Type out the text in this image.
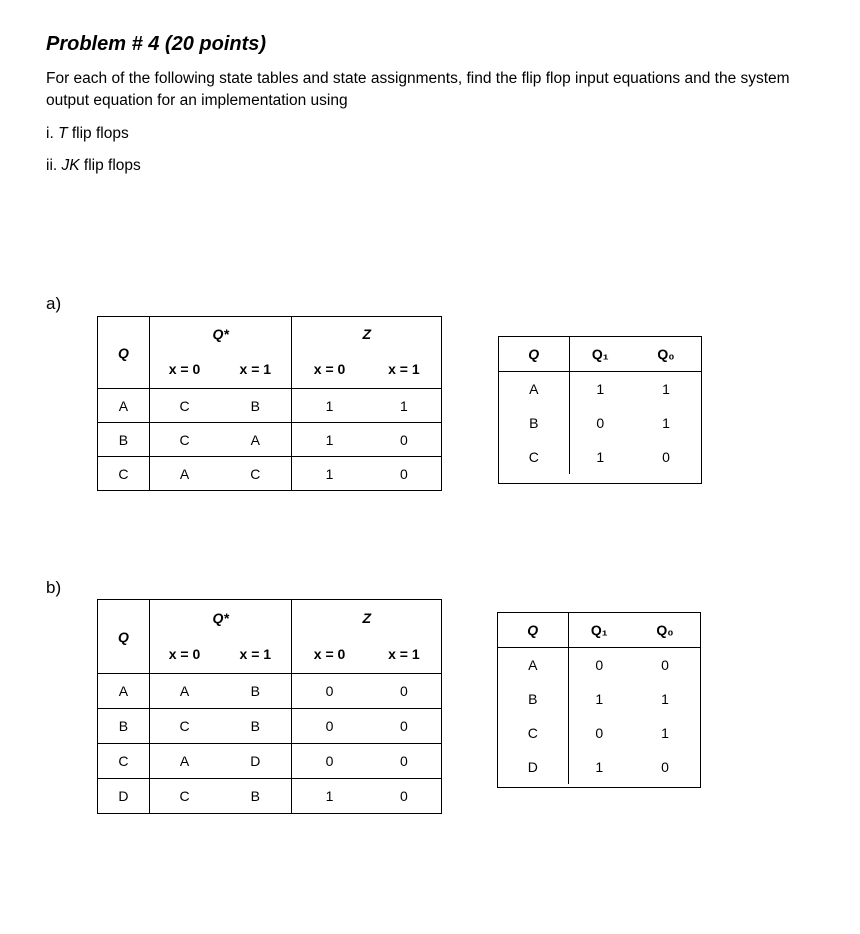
Problem # 4 (20 points)
For each of the following state tables and state assignments, find the flip flop input equations and the system output equation for an implementation using
i. T flip flops
ii. JK flip flops
a)
Q	Q*		Z	
	x = 0	x = 1	x = 0	x = 1
A	C	B	1	1
B	C	A	1	0
C	A	C	1	0
Q	Q₁	Q₀
A	1	1
B	0	1
C	1	0
b)
Q	Q*		Z	
	x = 0	x = 1	x = 0	x = 1
A	A	B	0	0
B	C	B	0	0
C	A	D	0	0
D	C	B	1	0
Q	Q₁	Q₀
A	0	0
B	1	1
C	0	1
D	1	0
